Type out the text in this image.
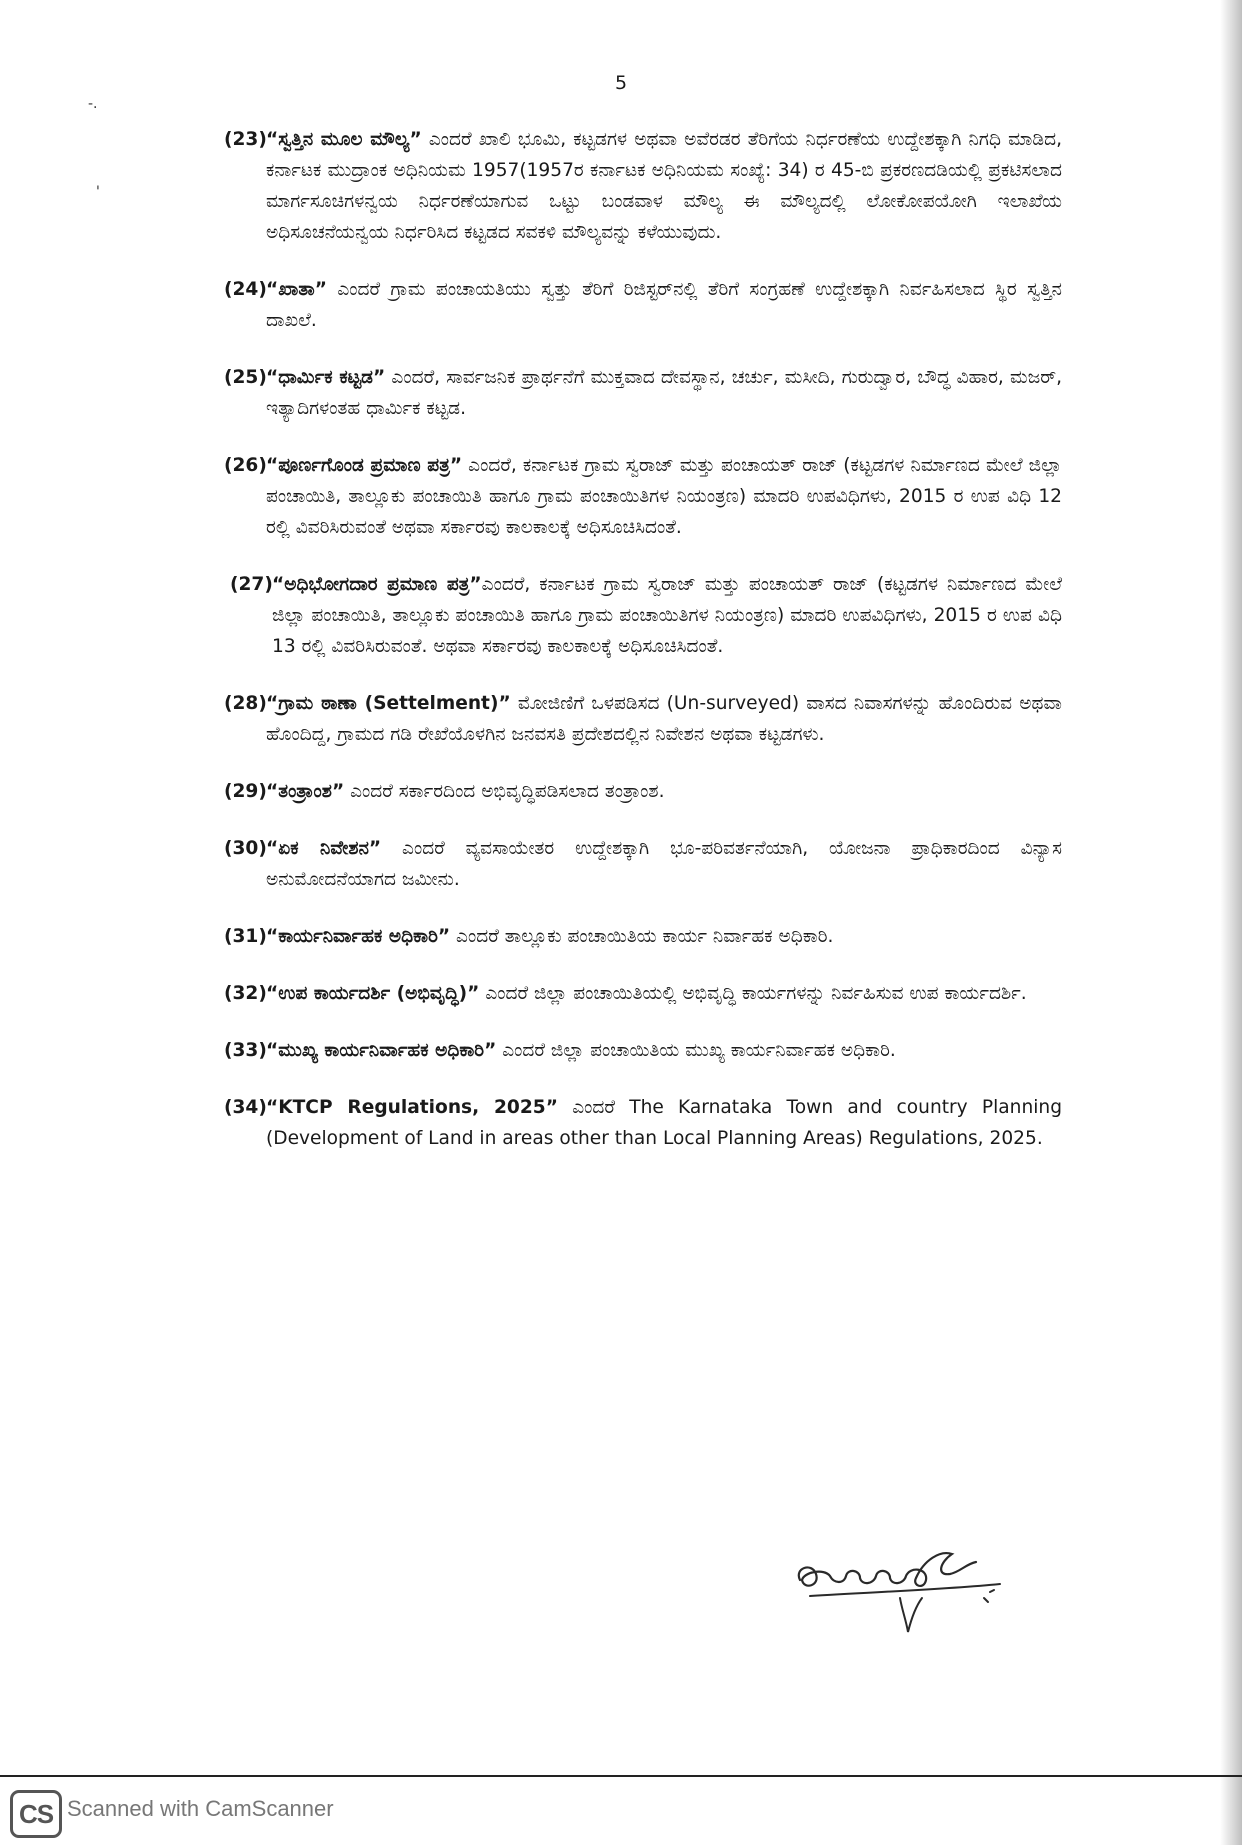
5
-.
'
(23) “ಸ್ವತ್ತಿನ ಮೂಲ ಮೌಲ್ಯ” ಎಂದರೆ ಖಾಲಿ ಭೂಮಿ, ಕಟ್ಟಡಗಳ ಅಥವಾ ಅವೆರಡರ ತೆರಿಗೆಯ ನಿರ್ಧರಣೆಯ ಉದ್ದೇಶಕ್ಕಾಗಿ ನಿಗಧಿ ಮಾಡಿದ, ಕರ್ನಾಟಕ ಮುದ್ರಾಂಕ ಅಧಿನಿಯಮ 1957(1957ರ ಕರ್ನಾಟಕ ಅಧಿನಿಯಮ ಸಂಖ್ಯೆ: 34) ರ 45-ಬಿ ಪ್ರಕರಣದಡಿಯಲ್ಲಿ ಪ್ರಕಟಿಸಲಾದ ಮಾರ್ಗಸೂಚಿಗಳನ್ವಯ ನಿರ್ಧರಣೆಯಾಗುವ ಒಟ್ಟು ಬಂಡವಾಳ ಮೌಲ್ಯ ಈ ಮೌಲ್ಯದಲ್ಲಿ ಲೋಕೋಪಯೋಗಿ ಇಲಾಖೆಯ ಅಧಿಸೂಚನೆಯನ್ವಯ ನಿರ್ಧರಿಸಿದ ಕಟ್ಟಡದ ಸವಕಳಿ ಮೌಲ್ಯವನ್ನು ಕಳೆಯುವುದು.
(24) “ಖಾತಾ” ಎಂದರೆ ಗ್ರಾಮ ಪಂಚಾಯತಿಯು ಸ್ವತ್ತು ತೆರಿಗೆ ರಿಜಿಸ್ಟರ್‌ನಲ್ಲಿ ತೆರಿಗೆ ಸಂಗ್ರಹಣೆ ಉದ್ದೇಶಕ್ಕಾಗಿ ನಿರ್ವಹಿಸಲಾದ ಸ್ಥಿರ ಸ್ವತ್ತಿನ ದಾಖಲೆ.
(25) “ಧಾರ್ಮಿಕ ಕಟ್ಟಡ” ಎಂದರೆ, ಸಾರ್ವಜನಿಕ ಪ್ರಾರ್ಥನೆಗೆ ಮುಕ್ತವಾದ ದೇವಸ್ಥಾನ, ಚರ್ಚು, ಮಸೀದಿ, ಗುರುದ್ವಾರ, ಬೌದ್ಧ ವಿಹಾರ, ಮಜರ್, ಇತ್ಯಾದಿಗಳಂತಹ ಧಾರ್ಮಿಕ ಕಟ್ಟಡ.
(26) “ಪೂರ್ಣಗೊಂಡ ಪ್ರಮಾಣ ಪತ್ರ” ಎಂದರೆ, ಕರ್ನಾಟಕ ಗ್ರಾಮ ಸ್ವರಾಜ್ ಮತ್ತು ಪಂಚಾಯತ್ ರಾಜ್ (ಕಟ್ಟಡಗಳ ನಿರ್ಮಾಣದ ಮೇಲೆ ಜಿಲ್ಲಾ ಪಂಚಾಯಿತಿ, ತಾಲ್ಲೂಕು ಪಂಚಾಯಿತಿ ಹಾಗೂ ಗ್ರಾಮ ಪಂಚಾಯಿತಿಗಳ ನಿಯಂತ್ರಣ) ಮಾದರಿ ಉಪವಿಧಿಗಳು, 2015 ರ ಉಪ ವಿಧಿ 12 ರಲ್ಲಿ ವಿವರಿಸಿರುವಂತೆ ಅಥವಾ ಸರ್ಕಾರವು ಕಾಲಕಾಲಕ್ಕೆ ಅಧಿಸೂಚಿಸಿದಂತೆ.
(27) “ಅಧಿಭೋಗದಾರ ಪ್ರಮಾಣ ಪತ್ರ”ಎಂದರೆ, ಕರ್ನಾಟಕ ಗ್ರಾಮ ಸ್ವರಾಜ್ ಮತ್ತು ಪಂಚಾಯತ್ ರಾಜ್ (ಕಟ್ಟಡಗಳ ನಿರ್ಮಾಣದ ಮೇಲೆ ಜಿಲ್ಲಾ ಪಂಚಾಯಿತಿ, ತಾಲ್ಲೂಕು ಪಂಚಾಯಿತಿ ಹಾಗೂ ಗ್ರಾಮ ಪಂಚಾಯಿತಿಗಳ ನಿಯಂತ್ರಣ) ಮಾದರಿ ಉಪವಿಧಿಗಳು, 2015 ರ ಉಪ ವಿಧಿ 13 ರಲ್ಲಿ ವಿವರಿಸಿರುವಂತೆ. ಅಥವಾ ಸರ್ಕಾರವು ಕಾಲಕಾಲಕ್ಕೆ ಅಧಿಸೂಚಿಸಿದಂತೆ.
(28) “ಗ್ರಾಮ ಠಾಣಾ (Settelment)” ಮೋಜಿಣಿಗೆ ಒಳಪಡಿಸದ (Un-surveyed) ವಾಸದ ನಿವಾಸಗಳನ್ನು ಹೊಂದಿರುವ ಅಥವಾ ಹೊಂದಿದ್ದ, ಗ್ರಾಮದ ಗಡಿ ರೇಖೆಯೊಳಗಿನ ಜನವಸತಿ ಪ್ರದೇಶದಲ್ಲಿನ ನಿವೇಶನ ಅಥವಾ ಕಟ್ಟಡಗಳು.
(29) “ತಂತ್ರಾಂಶ” ಎಂದರೆ ಸರ್ಕಾರದಿಂದ ಅಭಿವೃದ್ಧಿಪಡಿಸಲಾದ ತಂತ್ರಾಂಶ.
(30) “ಏಕ ನಿವೇಶನ” ಎಂದರೆ ವ್ಯವಸಾಯೇತರ ಉದ್ದೇಶಕ್ಕಾಗಿ ಭೂ-ಪರಿವರ್ತನೆಯಾಗಿ, ಯೋಜನಾ ಪ್ರಾಧಿಕಾರದಿಂದ ವಿನ್ಯಾಸ ಅನುಮೋದನೆಯಾಗದ ಜಮೀನು.
(31) “ಕಾರ್ಯನಿರ್ವಾಹಕ ಅಧಿಕಾರಿ” ಎಂದರೆ ತಾಲ್ಲೂಕು ಪಂಚಾಯಿತಿಯ ಕಾರ್ಯ ನಿರ್ವಾಹಕ ಅಧಿಕಾರಿ.
(32) “ಉಪ ಕಾರ್ಯದರ್ಶಿ (ಅಭಿವೃದ್ಧಿ)” ಎಂದರೆ ಜಿಲ್ಲಾ ಪಂಚಾಯಿತಿಯಲ್ಲಿ ಅಭಿವೃದ್ಧಿ ಕಾರ್ಯಗಳನ್ನು ನಿರ್ವಹಿಸುವ ಉಪ ಕಾರ್ಯದರ್ಶಿ.
(33) “ಮುಖ್ಯ ಕಾರ್ಯನಿರ್ವಾಹಕ ಅಧಿಕಾರಿ” ಎಂದರೆ ಜಿಲ್ಲಾ ಪಂಚಾಯಿತಿಯ ಮುಖ್ಯ ಕಾರ್ಯನಿರ್ವಾಹಕ ಅಧಿಕಾರಿ.
(34) “KTCP Regulations, 2025” ಎಂದರೆ The Karnataka Town and country Planning (Development of Land in areas other than Local Planning Areas) Regulations, 2025.
CS Scanned with CamScanner
